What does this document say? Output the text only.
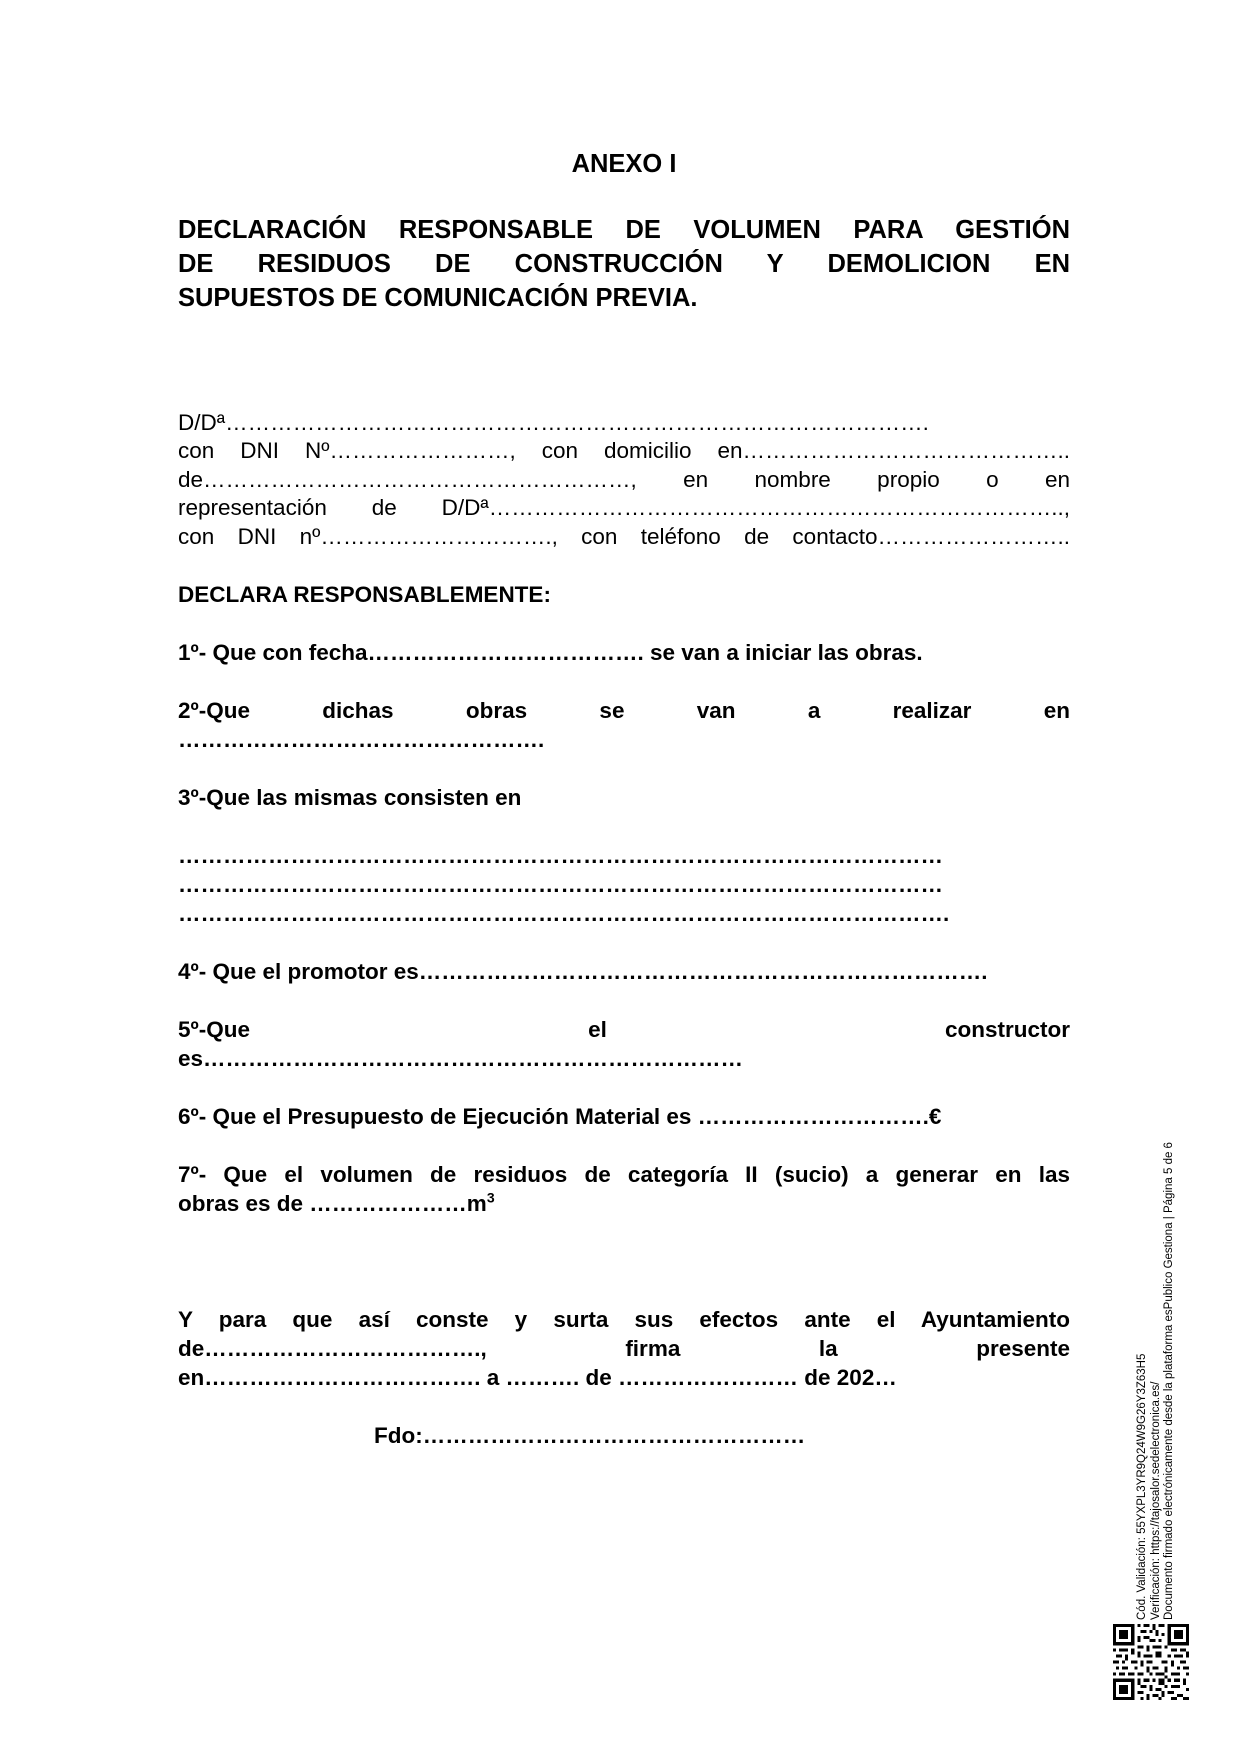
ANEXO I

DECLARACIÓN RESPONSABLE DE VOLUMEN PARA GESTIÓN

DE RESIDUOS DE CONSTRUCCIÓN Y DEMOLICION EN

SUPUESTOS DE COMUNICACIÓN PREVIA.

D/Dª………………………………………………………………………………….

con DNI Nº……………………, con domicilio en……………………………………..

de…………………………………………………, en nombre propio o en

representación de D/Dª…………………………………………………………………..,

con DNI nº…………………………., con teléfono de contacto……………………..

DECLARA RESPONSABLEMENTE:

1º- Que con fecha………………………………. se van a iniciar las obras.

2º-Que dichas obras se van a realizar en

………………………………………….

3º-Que las mismas consisten en

…………………………………………………………………………………………

…………………………………………………………………………………………

………………………………………………………………………………………….

4º- Que el promotor es………………………………………………………………….

5º-Que el constructor

es………………………………………………………………

6º- Que el Presupuesto de Ejecución Material es ………………………….€

7º- Que el volumen de residuos de categoría II (sucio) a generar en las

obras es de $\dots\dots\dots\dots\dots\dots\dots m^3$

Y para que así conste y surta sus efectos ante el Ayuntamiento

de………………………………., firma la presente

en………………………………. a ………. de …………………… de 202…

Fdo:……………………………………………	Cód. Validación: 55YXPL3YR9Q24W9G26Y3Z63H5 Verificación: https://tajosalor.sedelectronica.es/ Documento firmado electrónicamente desde la plataforma esPublico Gestiona | Página 5 de 6
